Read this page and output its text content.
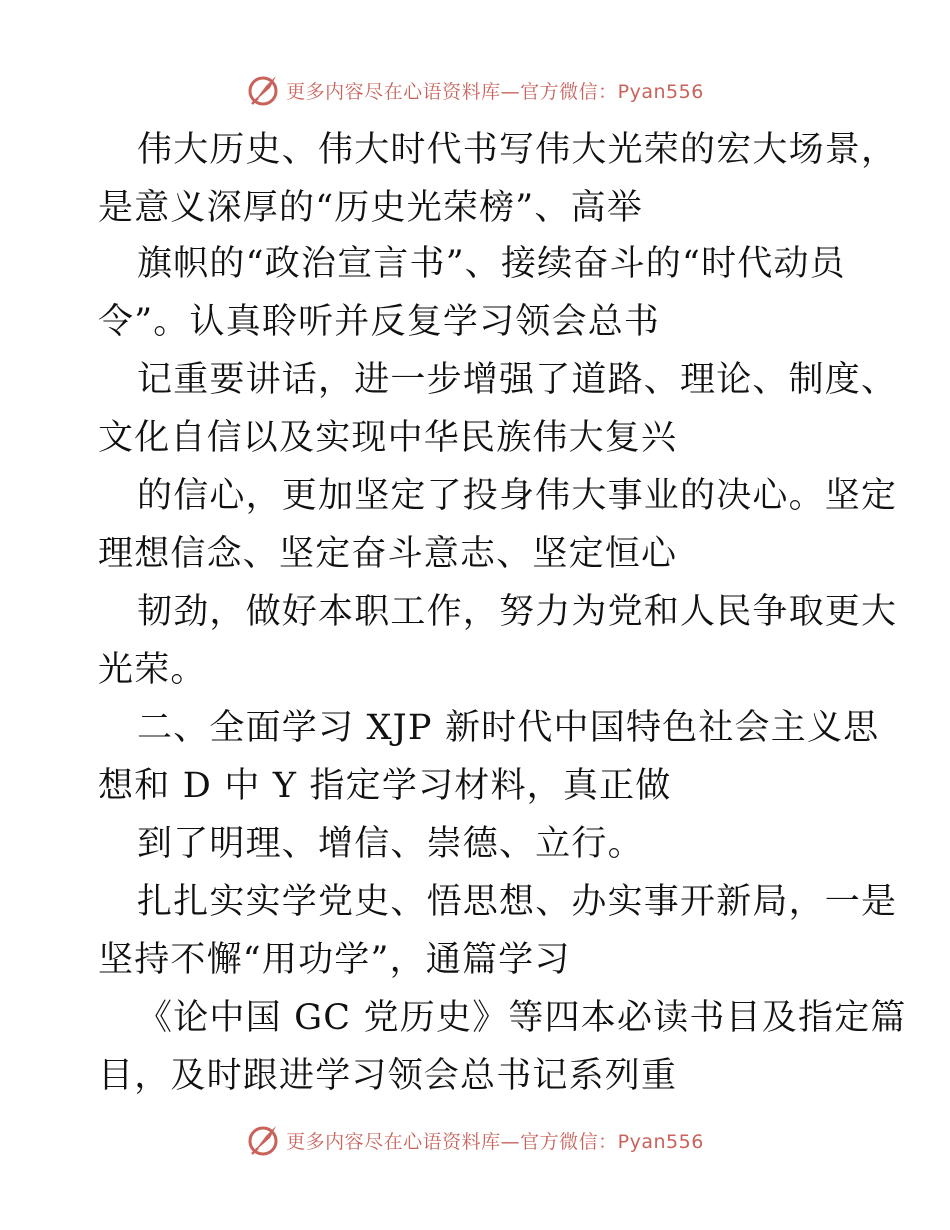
更多内容尽在心语资料库—官方微信：Pyan556
伟大历史、伟大时代书写伟大光荣的宏大场景，
是意义深厚的“历史光荣榜”、高举
旗帜的“政治宣言书”、接续奋斗的“时代动员
令”。认真聆听并反复学习领会总书
记重要讲话，进一步增强了道路、理论、制度、
文化自信以及实现中华民族伟大复兴
的信心，更加坚定了投身伟大事业的决心。坚定
理想信念、坚定奋斗意志、坚定恒心
韧劲，做好本职工作，努力为党和人民争取更大
光荣。
二、全面学习 XJP 新时代中国特色社会主义思
想和 D 中 Y 指定学习材料，真正做
到了明理、增信、崇德、立行。
扎扎实实学党史、悟思想、办实事开新局，一是
坚持不懈“用功学”，通篇学习
《论中国 GC 党历史》等四本必读书目及指定篇
目，及时跟进学习领会总书记系列重
更多内容尽在心语资料库—官方微信：Pyan556
